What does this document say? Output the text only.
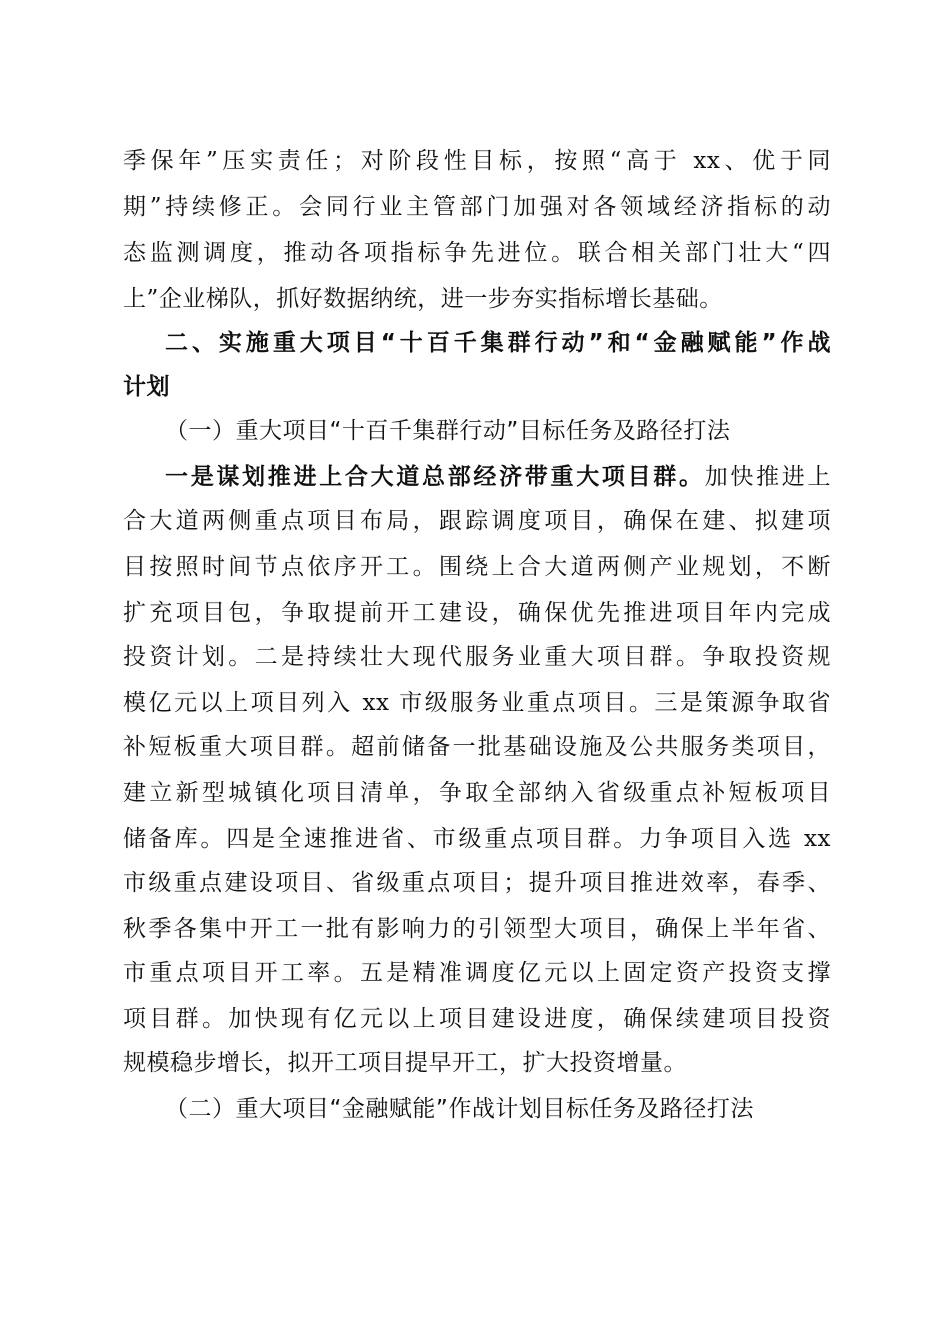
季保年”压实责任；对阶段性目标，按照“高于 xx、优于同
期”持续修正。会同行业主管部门加强对各领域经济指标的动
态监测调度，推动各项指标争先进位。联合相关部门壮大“四
上”企业梯队，抓好数据纳统，进一步夯实指标增长基础。
二、实施重大项目“十百千集群行动”和“金融赋能”作战
计划
（一）重大项目“十百千集群行动”目标任务及路径打法
一是谋划推进上合大道总部经济带重大项目群。加快推进上
合大道两侧重点项目布局，跟踪调度项目，确保在建、拟建项
目按照时间节点依序开工。围绕上合大道两侧产业规划，不断
扩充项目包，争取提前开工建设，确保优先推进项目年内完成
投资计划。二是持续壮大现代服务业重大项目群。争取投资规
模亿元以上项目列入 xx 市级服务业重点项目。三是策源争取省
补短板重大项目群。超前储备一批基础设施及公共服务类项目，
建立新型城镇化项目清单，争取全部纳入省级重点补短板项目
储备库。四是全速推进省、市级重点项目群。力争项目入选 xx
市级重点建设项目、省级重点项目；提升项目推进效率，春季、
秋季各集中开工一批有影响力的引领型大项目，确保上半年省、
市重点项目开工率。五是精准调度亿元以上固定资产投资支撑
项目群。加快现有亿元以上项目建设进度，确保续建项目投资
规模稳步增长，拟开工项目提早开工，扩大投资增量。
（二）重大项目“金融赋能”作战计划目标任务及路径打法
